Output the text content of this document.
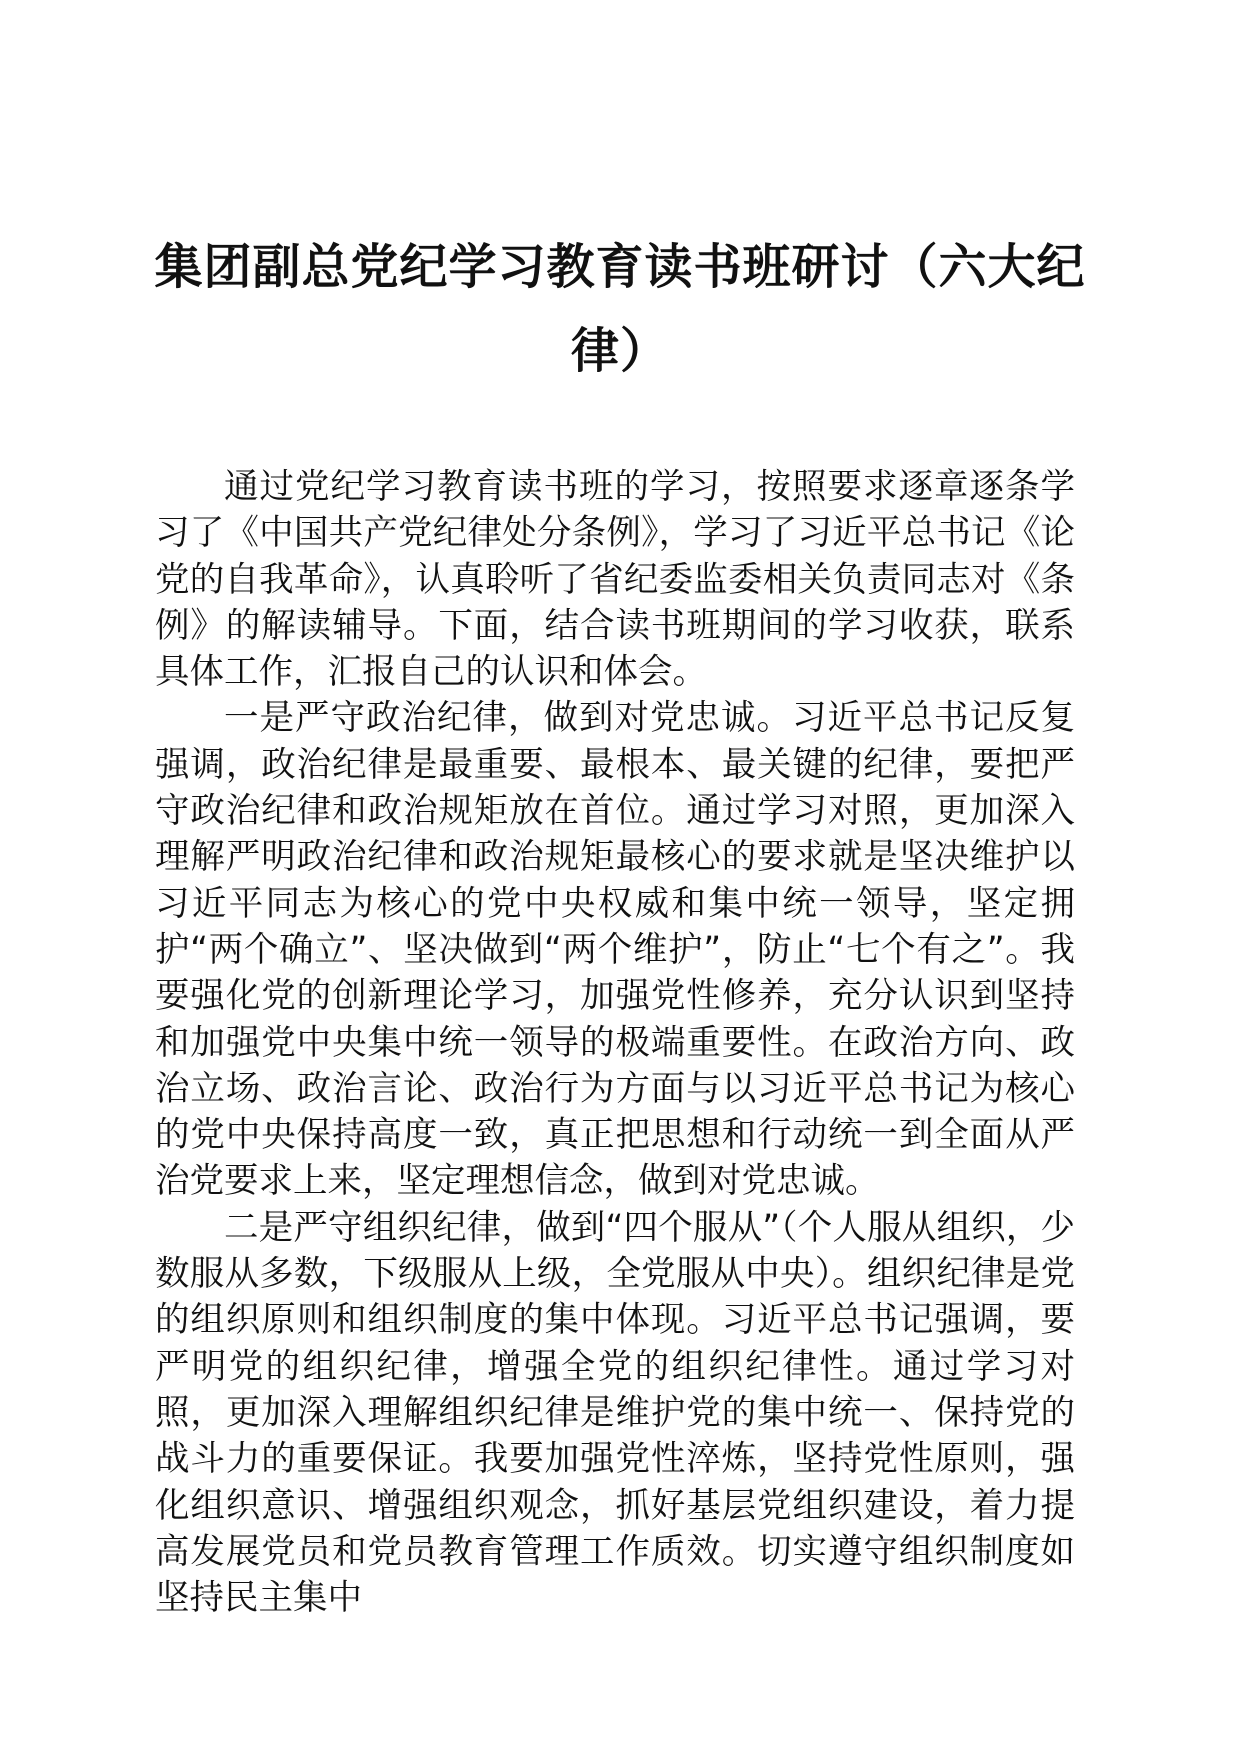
集团副总党纪学习教育读书班研讨（六大纪律）

通过党纪学习教育读书班的学习，按照要求逐章逐条学习了《中国共产党纪律处分条例》，学习了习近平总书记《论党的自我革命》，认真聆听了省纪委监委相关负责同志对《条例》的解读辅导。下面，结合读书班期间的学习收获，联系具体工作，汇报自己的认识和体会。

一是严守政治纪律，做到对党忠诚。习近平总书记反复强调，政治纪律是最重要、最根本、最关键的纪律，要把严守政治纪律和政治规矩放在首位。通过学习对照，更加深入理解严明政治纪律和政治规矩最核心的要求就是坚决维护以习近平同志为核心的党中央权威和集中统一领导，坚定拥护“两个确立”、坚决做到“两个维护”，防止“七个有之”。我要强化党的创新理论学习，加强党性修养，充分认识到坚持和加强党中央集中统一领导的极端重要性。在政治方向、政治立场、政治言论、政治行为方面与以习近平总书记为核心的党中央保持高度一致，真正把思想和行动统一到全面从严治党要求上来，坚定理想信念，做到对党忠诚。

二是严守组织纪律，做到“四个服从”（个人服从组织，少数服从多数，下级服从上级，全党服从中央）。组织纪律是党的组织原则和组织制度的集中体现。习近平总书记强调，要严明党的组织纪律，增强全党的组织纪律性。通过学习对照，更加深入理解组织纪律是维护党的集中统一、保持党的战斗力的重要保证。我要加强党性淬炼，坚持党性原则，强化组织意识、增强组织观念，抓好基层党组织建设，着力提高发展党员和党员教育管理工作质效。切实遵守组织制度如坚持民主集中
